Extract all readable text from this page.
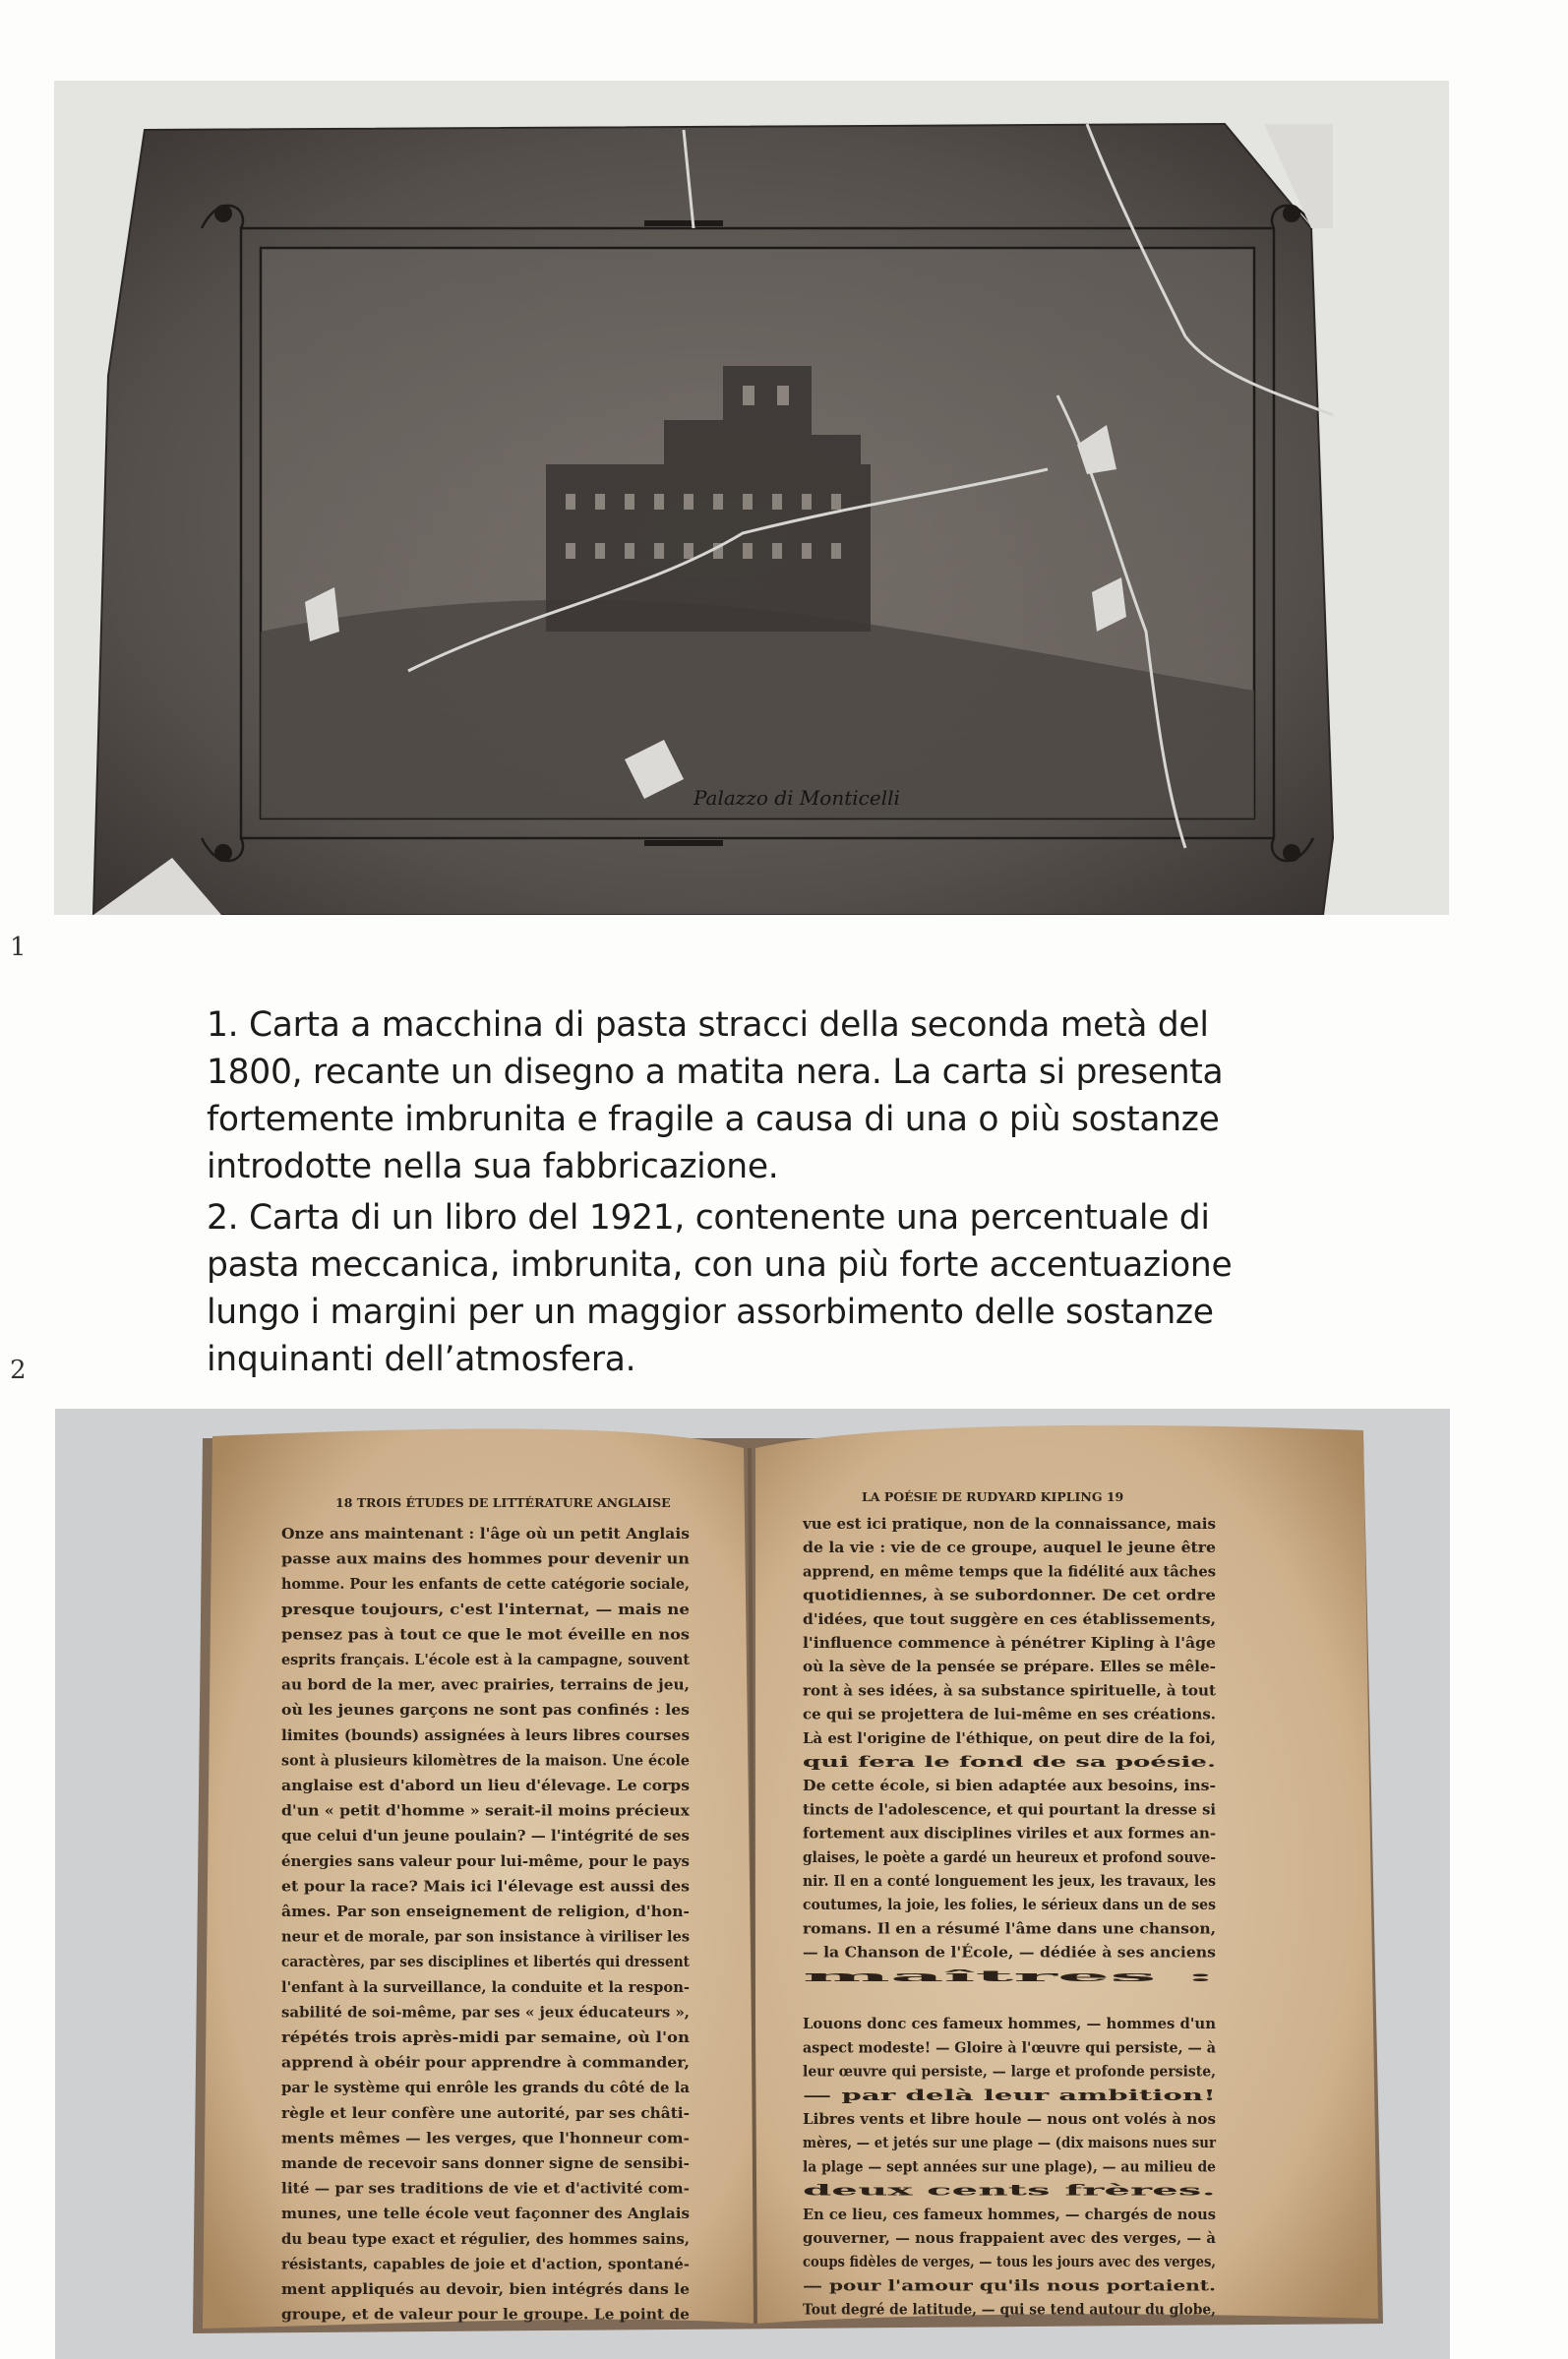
Palazzo di Monticelli
1

1. Carta a macchina di pasta stracci della seconda metà del 1800, recante un disegno a matita nera. La carta si presenta fortemente imbrunita e fragile a causa di una o più sostanze introdotte nella sua fabbricazione.

2. Carta di un libro del 1921, contenente una percentuale di pasta meccanica, imbrunita, con una più forte accentuazione lungo i margini per un maggior assorbimento delle sostanze inquinanti dell’atmosfera.

2
18 TROIS ÉTUDES DE LITTÉRATURE ANGLAISE
Onze ans maintenant : l'âge où un petit Anglais
passe aux mains des hommes pour devenir un
homme. Pour les enfants de cette catégorie sociale,
presque toujours, c'est l'internat, — mais ne
pensez pas à tout ce que le mot éveille en nos
esprits français. L'école est à la campagne, souvent
au bord de la mer, avec prairies, terrains de jeu,
où les jeunes garçons ne sont pas confinés : les
limites (bounds) assignées à leurs libres courses
sont à plusieurs kilomètres de la maison. Une école
anglaise est d'abord un lieu d'élevage. Le corps
d'un « petit d'homme » serait-il moins précieux
que celui d'un jeune poulain? — l'intégrité de ses
énergies sans valeur pour lui-même, pour le pays
et pour la race? Mais ici l'élevage est aussi des
âmes. Par son enseignement de religion, d'hon-
neur et de morale, par son insistance à viriliser les
caractères, par ses disciplines et libertés qui dressent
l'enfant à la surveillance, la conduite et la respon-
sabilité de soi-même, par ses « jeux éducateurs »,
répétés trois après-midi par semaine, où l'on
apprend à obéir pour apprendre à commander,
par le système qui enrôle les grands du côté de la
règle et leur confère une autorité, par ses châti-
ments mêmes — les verges, que l'honneur com-
mande de recevoir sans donner signe de sensibi-
lité — par ses traditions de vie et d'activité com-
munes, une telle école veut façonner des Anglais
du beau type exact et régulier, des hommes sains,
résistants, capables de joie et d'action, spontané-
ment appliqués au devoir, bien intégrés dans le
groupe, et de valeur pour le groupe. Le point de
LA POÉSIE DE RUDYARD KIPLING 19
vue est ici pratique, non de la connaissance, mais
de la vie : vie de ce groupe, auquel le jeune être
apprend, en même temps que la fidélité aux tâches
quotidiennes, à se subordonner. De cet ordre
d'idées, que tout suggère en ces établissements,
l'influence commence à pénétrer Kipling à l'âge
où la sève de la pensée se prépare. Elles se mêle-
ront à ses idées, à sa substance spirituelle, à tout
ce qui se projettera de lui-même en ses créations.
Là est l'origine de l'éthique, on peut dire de la foi,
qui fera le fond de sa poésie.
De cette école, si bien adaptée aux besoins, ins-
tincts de l'adolescence, et qui pourtant la dresse si
fortement aux disciplines viriles et aux formes an-
glaises, le poète a gardé un heureux et profond souve-
nir. Il en a conté longuement les jeux, les travaux, les
coutumes, la joie, les folies, le sérieux dans un de ses
romans. Il en a résumé l'âme dans une chanson,
— la Chanson de l'École, — dédiée à ses anciens
maîtres :
Louons donc ces fameux hommes, — hommes d'un
aspect modeste! — Gloire à l'œuvre qui persiste, — à
leur œuvre qui persiste, — large et profonde persiste,
— par delà leur ambition!
Libres vents et libre houle — nous ont volés à nos
mères, — et jetés sur une plage — (dix maisons nues sur
la plage — sept années sur une plage), — au milieu de
deux cents frères.
En ce lieu, ces fameux hommes, — chargés de nous
gouverner, — nous frappaient avec des verges, — à
coups fidèles de verges, — tous les jours avec des verges,
— pour l'amour qu'ils nous portaient.
Tout degré de latitude, — qui se tend autour du globe,
